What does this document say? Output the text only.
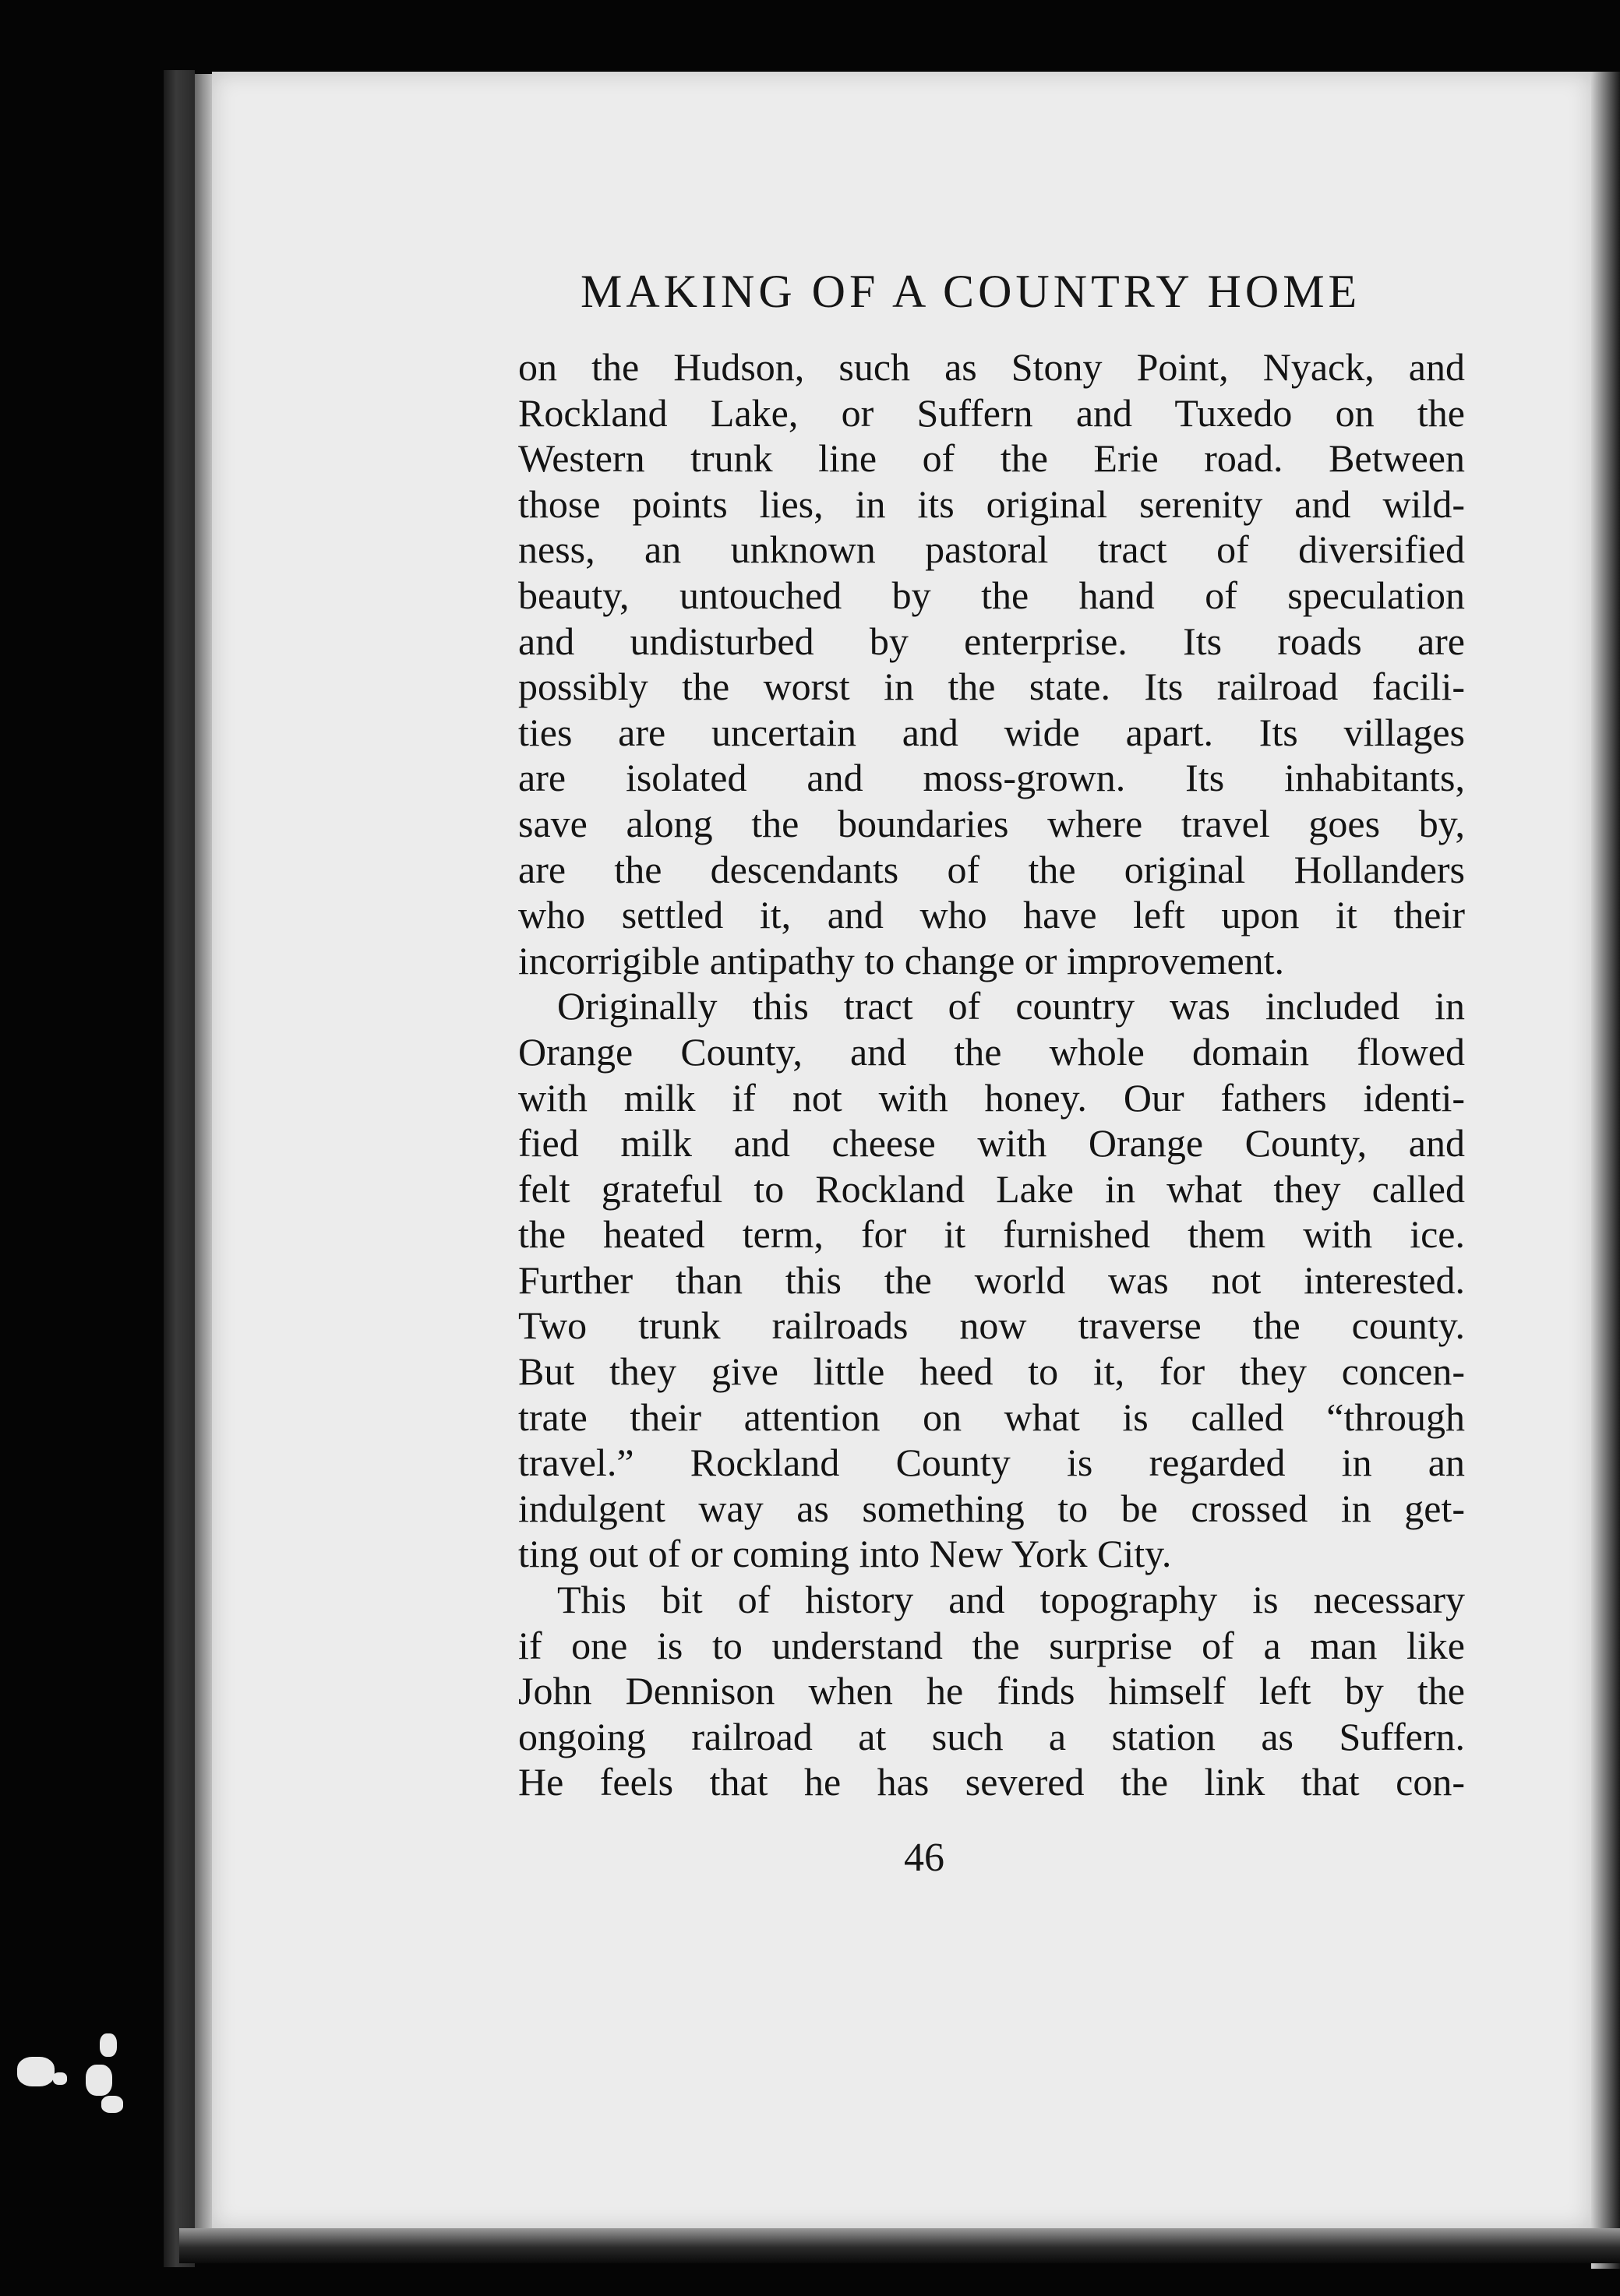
MAKING OF A COUNTRY HOME
on the Hudson, such as Stony Point, Nyack, and
Rockland Lake, or Suffern and Tuxedo on the
Western trunk line of the Erie road. Between
those points lies, in its original serenity and wild-
ness, an unknown pastoral tract of diversified
beauty, untouched by the hand of speculation
and undisturbed by enterprise. Its roads are
possibly the worst in the state. Its railroad facili-
ties are uncertain and wide apart. Its villages
are isolated and moss-grown. Its inhabitants,
save along the boundaries where travel goes by,
are the descendants of the original Hollanders
who settled it, and who have left upon it their
incorrigible antipathy to change or improvement.
Originally this tract of country was included in
Orange County, and the whole domain flowed
with milk if not with honey. Our fathers identi-
fied milk and cheese with Orange County, and
felt grateful to Rockland Lake in what they called
the heated term, for it furnished them with ice.
Further than this the world was not interested.
Two trunk railroads now traverse the county.
But they give little heed to it, for they concen-
trate their attention on what is called “through
travel.” Rockland County is regarded in an
indulgent way as something to be crossed in get-
ting out of or coming into New York City.
This bit of history and topography is necessary
if one is to understand the surprise of a man like
John Dennison when he finds himself left by the
ongoing railroad at such a station as Suffern.
He feels that he has severed the link that con-
46
